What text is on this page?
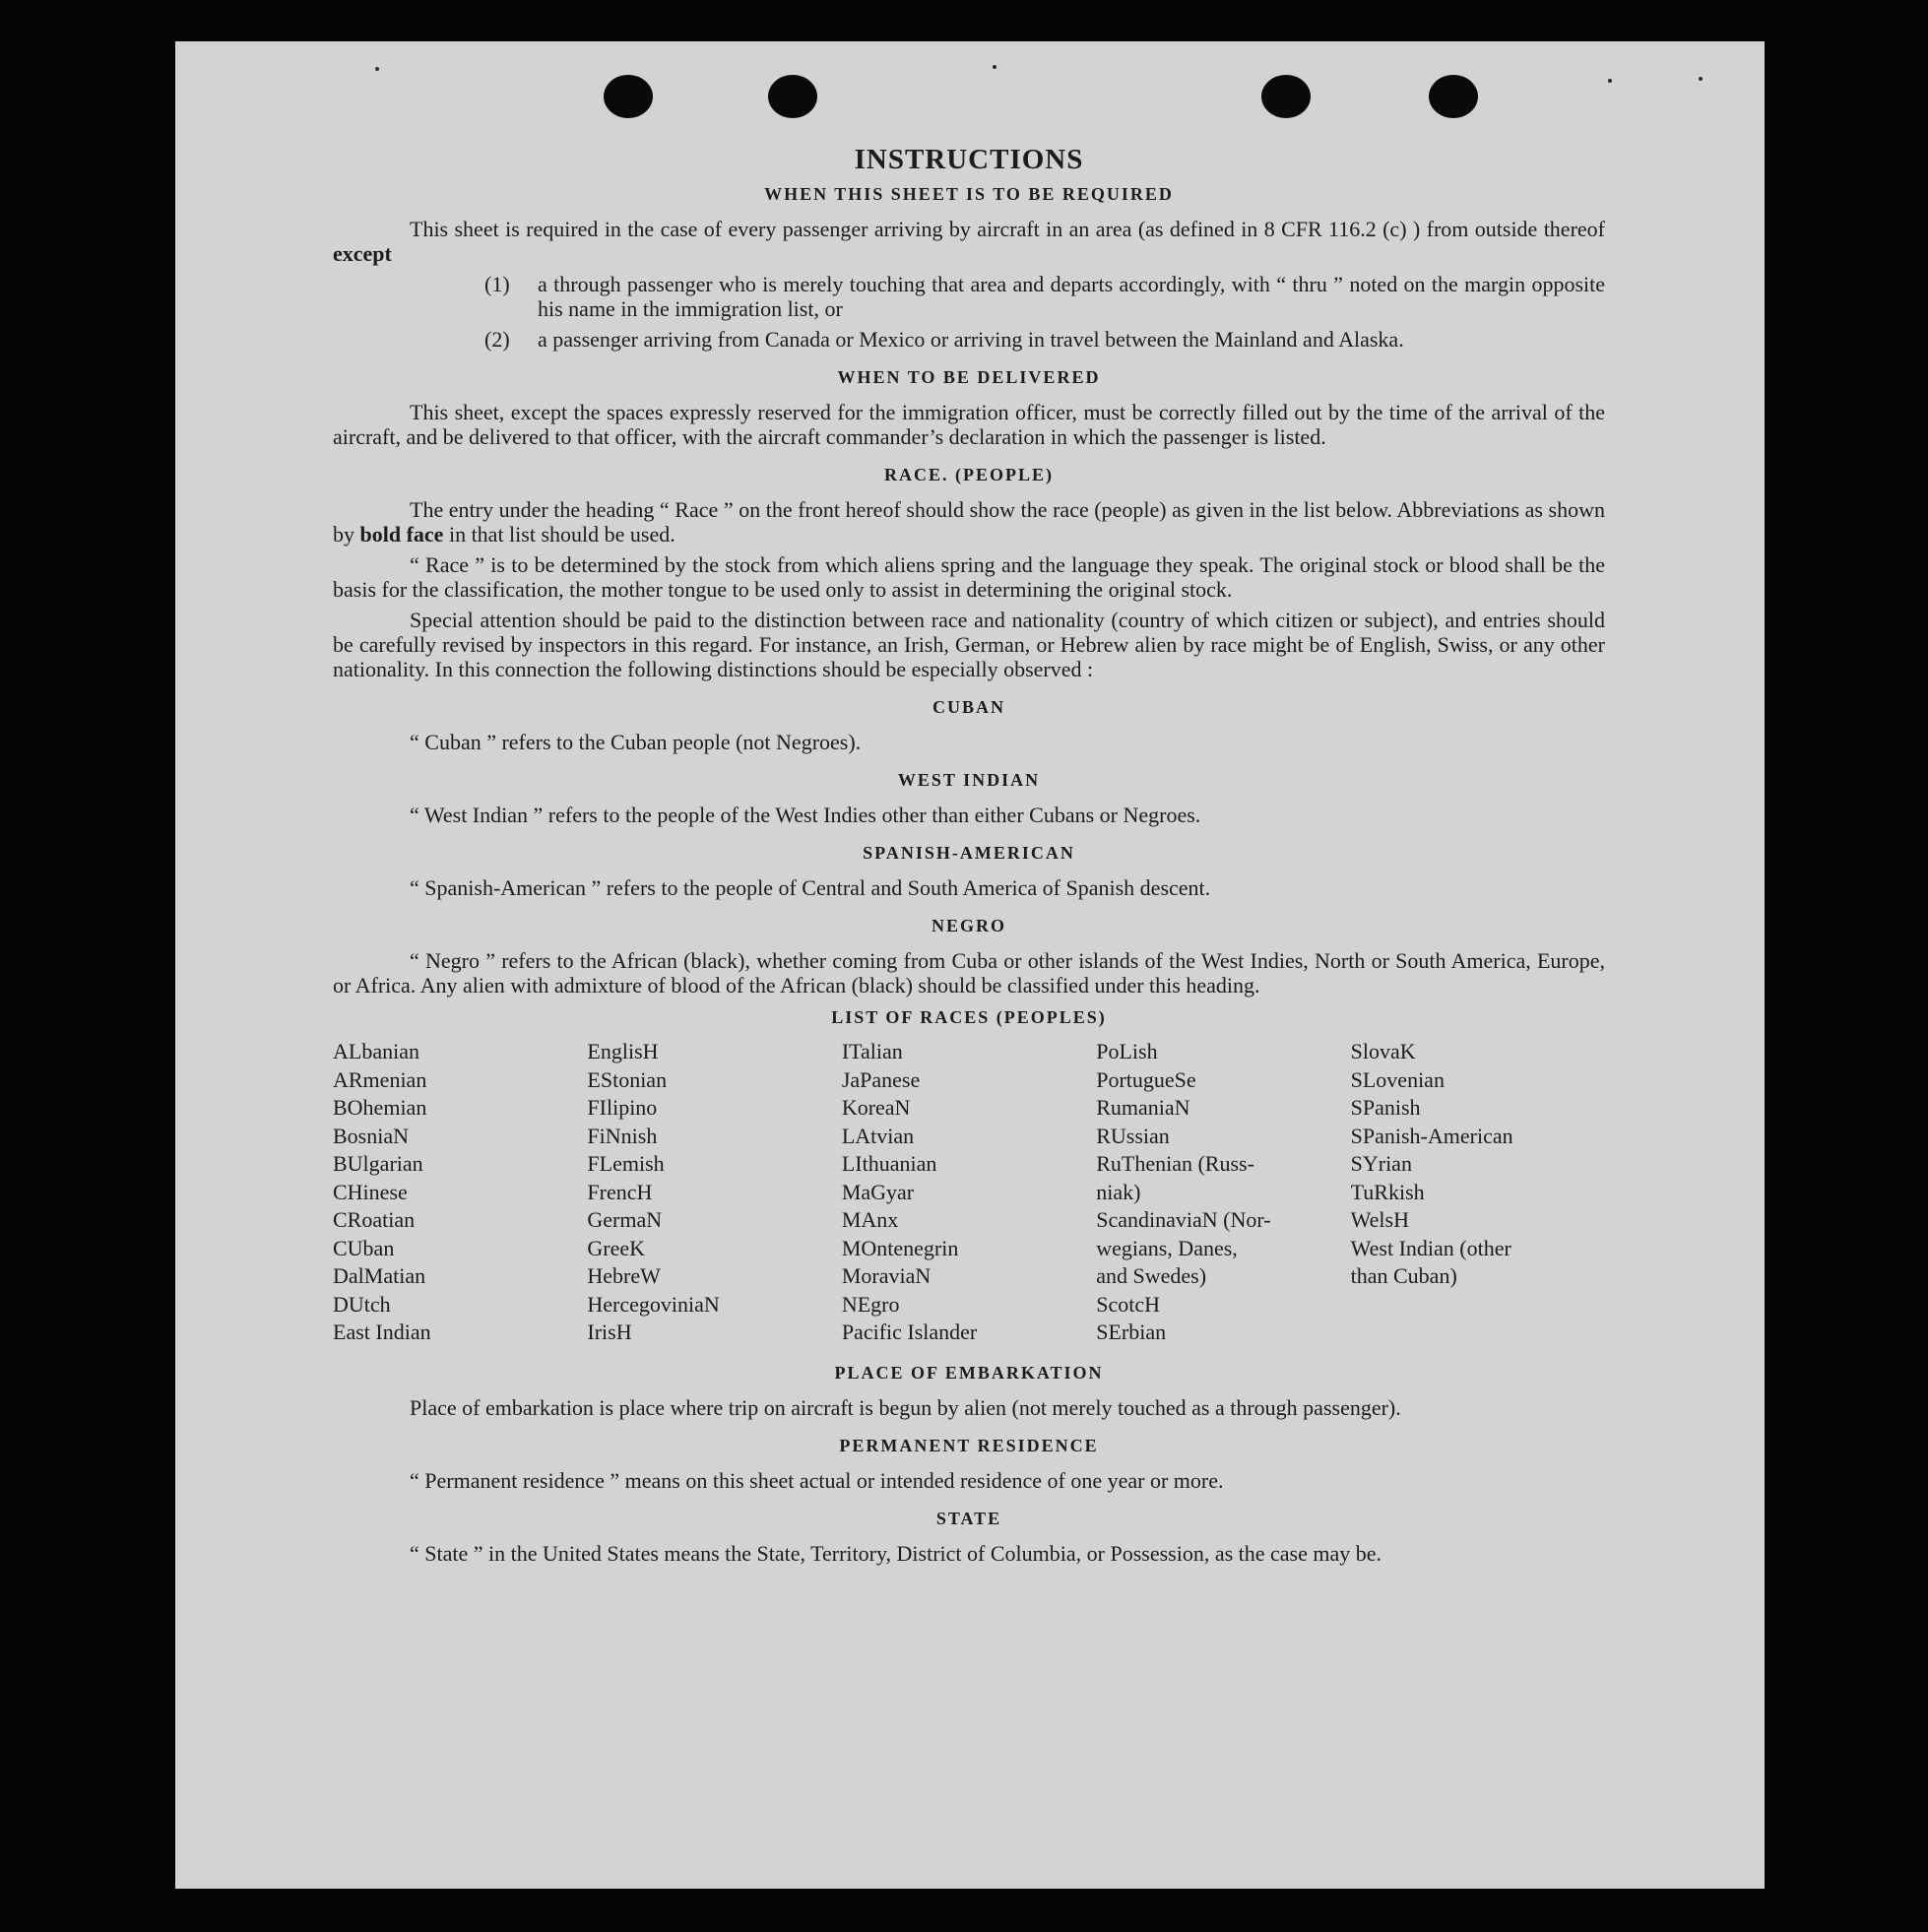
INSTRUCTIONS
WHEN THIS SHEET IS TO BE REQUIRED

This sheet is required in the case of every passenger arriving by aircraft in an area (as defined in 8 CFR 116.2 (c) ) from outside thereof except

(1)	a through passenger who is merely touching that area and departs accordingly, with “ thru ” noted on the margin opposite his name in the immigration list, or
(2)	a passenger arriving from Canada or Mexico or arriving in travel between the Mainland and Alaska.
WHEN TO BE DELIVERED

This sheet, except the spaces expressly reserved for the immigration officer, must be correctly filled out by the time of the arrival of the aircraft, and be delivered to that officer, with the aircraft commander’s declaration in which the passenger is listed.

RACE. (PEOPLE)

The entry under the heading “ Race ” on the front hereof should show the race (people) as given in the list below. Abbreviations as shown by bold face in that list should be used.

“ Race ” is to be determined by the stock from which aliens spring and the language they speak. The original stock or blood shall be the basis for the classification, the mother tongue to be used only to assist in determining the original stock.

Special attention should be paid to the distinction between race and nationality (country of which citizen or subject), and entries should be carefully revised by inspectors in this regard. For instance, an Irish, German, or Hebrew alien by race might be of English, Swiss, or any other nationality. In this connection the following distinctions should be especially observed :

CUBAN

“ Cuban ” refers to the Cuban people (not Negroes).

WEST INDIAN

“ West Indian ” refers to the people of the West Indies other than either Cubans or Negroes.

SPANISH-AMERICAN

“ Spanish-American ” refers to the people of Central and South America of Spanish descent.

NEGRO

“ Negro ” refers to the African (black), whether coming from Cuba or other islands of the West Indies, North or South America, Europe, or Africa. Any alien with admixture of blood of the African (black) should be classified under this heading.

LIST OF RACES (PEOPLES)
ALbanian
ARmenian
BOhemian
BosniaN
BUlgarian
CHinese
CRoatian
CUban
DalMatian
DUtch
East Indian
EnglisH
EStonian
FIlipino
FiNnish
FLemish
FrencH
GermaN
GreeK
HebreW
HercegoviniaN
IrisH
ITalian
JaPanese
KoreaN
LAtvian
LIthuanian
MaGyar
MAnx
MOntenegrin
MoraviaN
NEgro
Pacific Islander
PoLish
PortugueSe
RumaniaN
RUssian
RuThenian (Russ-
niak)
ScandinaviaN (Nor-
wegians, Danes,
and Swedes)
ScotcH
SErbian
SlovaK
SLovenian
SPanish
SPanish-American
SYrian
TuRkish
WelsH
West Indian (other
than Cuban)
PLACE OF EMBARKATION

Place of embarkation is place where trip on aircraft is begun by alien (not merely touched as a through passenger).

PERMANENT RESIDENCE

“ Permanent residence ” means on this sheet actual or intended residence of one year or more.

STATE

“ State ” in the United States means the State, Territory, District of Columbia, or Possession, as the case may be.
